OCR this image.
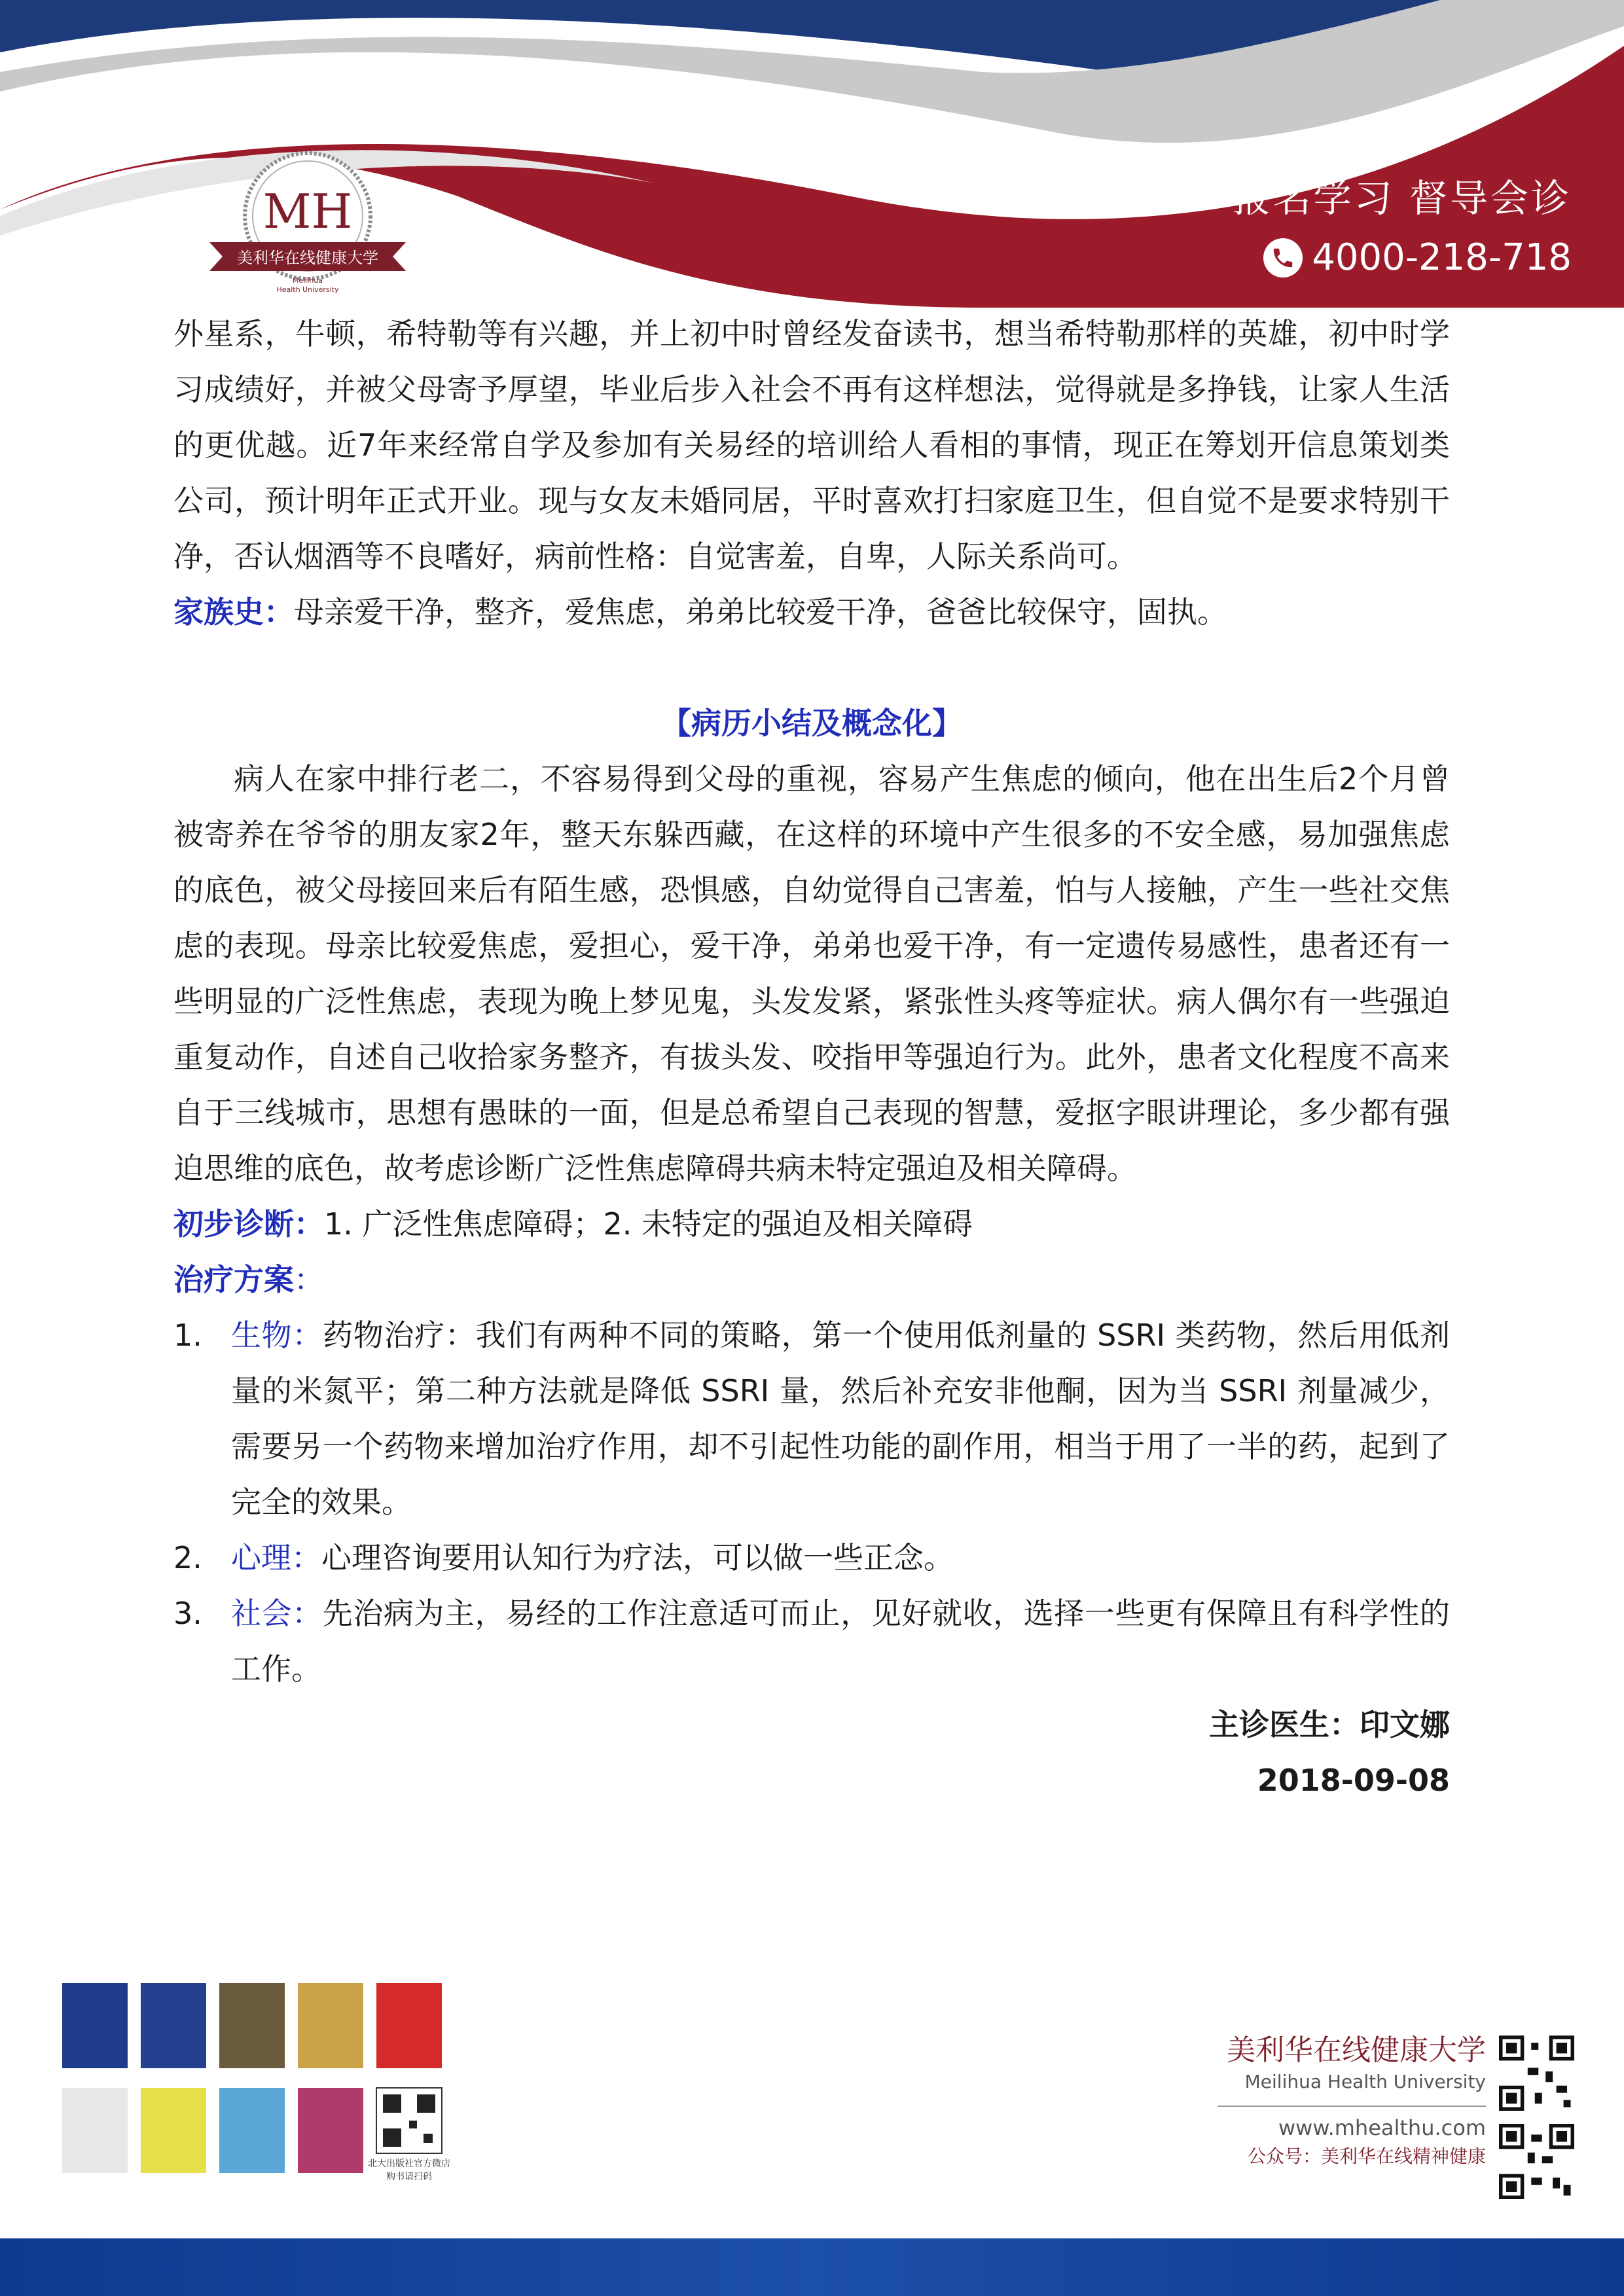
MH
美利华在线健康大学
Meilihua
Health University
报名学习 督导会诊
4000-218-718

外星系，牛顿，希特勒等有兴趣，并上初中时曾经发奋读书，想当希特勒那样的英雄，初中时学习成绩好，并被父母寄予厚望，毕业后步入社会不再有这样想法，觉得就是多挣钱，让家人生活的更优越。近7年来经常自学及参加有关易经的培训给人看相的事情，现正在筹划开信息策划类公司，预计明年正式开业。现与女友未婚同居，平时喜欢打扫家庭卫生，但自觉不是要求特别干净，否认烟酒等不良嗜好，病前性格：自觉害羞，自卑，人际关系尚可。

家族史：母亲爱干净，整齐，爱焦虑，弟弟比较爱干净，爸爸比较保守，固执。

【病历小结及概念化】

病人在家中排行老二，不容易得到父母的重视，容易产生焦虑的倾向，他在出生后2个月曾被寄养在爷爷的朋友家2年，整天东躲西藏，在这样的环境中产生很多的不安全感，易加强焦虑的底色，被父母接回来后有陌生感，恐惧感，自幼觉得自己害羞，怕与人接触，产生一些社交焦虑的表现。母亲比较爱焦虑，爱担心，爱干净，弟弟也爱干净，有一定遗传易感性，患者还有一些明显的广泛性焦虑，表现为晚上梦见鬼，头发发紧，紧张性头疼等症状。病人偶尔有一些强迫重复动作，自述自己收拾家务整齐，有拔头发、咬指甲等强迫行为。此外，患者文化程度不高来自于三线城市，思想有愚昧的一面，但是总希望自己表现的智慧，爱抠字眼讲理论，多少都有强迫思维的底色，故考虑诊断广泛性焦虑障碍共病未特定强迫及相关障碍。

初步诊断：1. 广泛性焦虑障碍；2. 未特定的强迫及相关障碍

治疗方案：

1. 生物：药物治疗：我们有两种不同的策略，第一个使用低剂量的 SSRI 类药物，然后用低剂量的米氮平；第二种方法就是降低 SSRI 量，然后补充安非他酮，因为当 SSRI 剂量减少，需要另一个药物来增加治疗作用，却不引起性功能的副作用，相当于用了一半的药，起到了完全的效果。
2. 心理：心理咨询要用认知行为疗法，可以做一些正念。
3. 社会：先治病为主，易经的工作注意适可而止，见好就收，选择一些更有保障且有科学性的工作。

主诊医生：印文娜

2018-09-08

北大出版社官方微店
购书请扫码
美利华在线健康大学
Meilihua Health University
www.mhealthu.com
公众号：美利华在线精神健康
